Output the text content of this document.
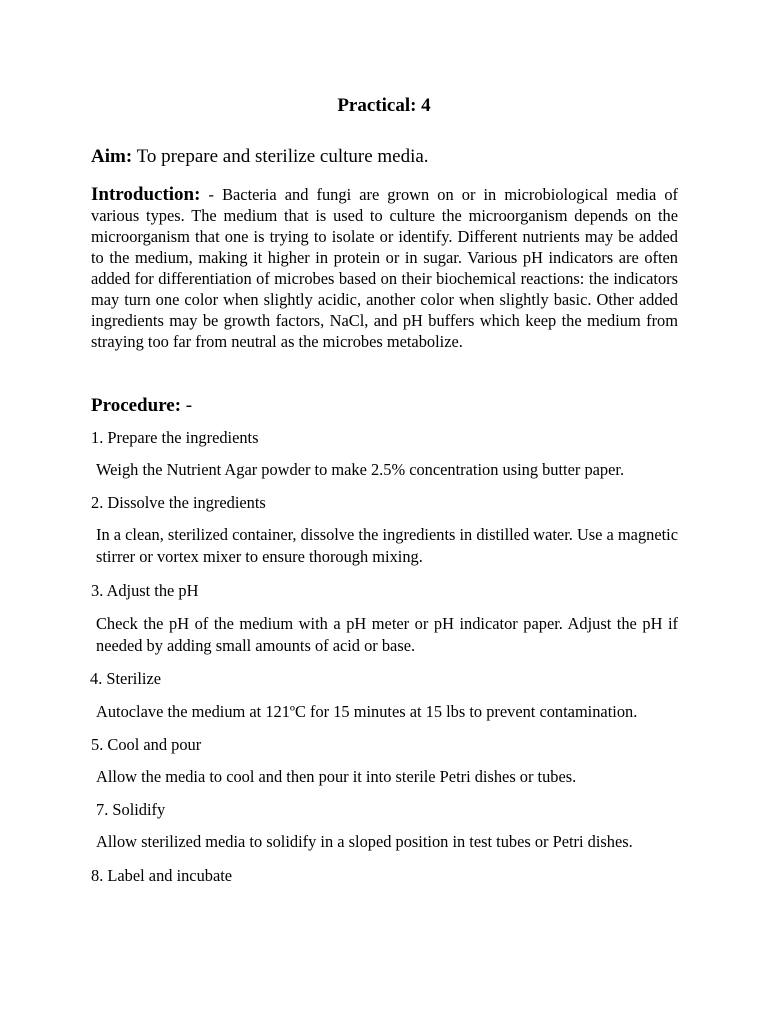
Practical: 4
Aim: To prepare and sterilize culture media.
Introduction: - Bacteria and fungi are grown on or in microbiological media of various types. The medium that is used to culture the microorganism depends on the microorganism that one is trying to isolate or identify. Different nutrients may be added to the medium, making it higher in protein or in sugar. Various pH indicators are often added for differentiation of microbes based on their biochemical reactions: the indicators may turn one color when slightly acidic, another color when slightly basic. Other added ingredients may be growth factors, NaCl, and pH buffers which keep the medium from straying too far from neutral as the microbes metabolize.
Procedure: -
1. Prepare the ingredients
Weigh the Nutrient Agar powder to make 2.5% concentration using butter paper.
2. Dissolve the ingredients
In a clean, sterilized container, dissolve the ingredients in distilled water. Use a magnetic stirrer or vortex mixer to ensure thorough mixing.
3. Adjust the pH
Check the pH of the medium with a pH meter or pH indicator paper. Adjust the pH if needed by adding small amounts of acid or base.
4. Sterilize
Autoclave the medium at 121ºC for 15 minutes at 15 lbs to prevent contamination.
5. Cool and pour
Allow the media to cool and then pour it into sterile Petri dishes or tubes.
7. Solidify
Allow sterilized media to solidify in a sloped position in test tubes or Petri dishes.
8. Label and incubate
